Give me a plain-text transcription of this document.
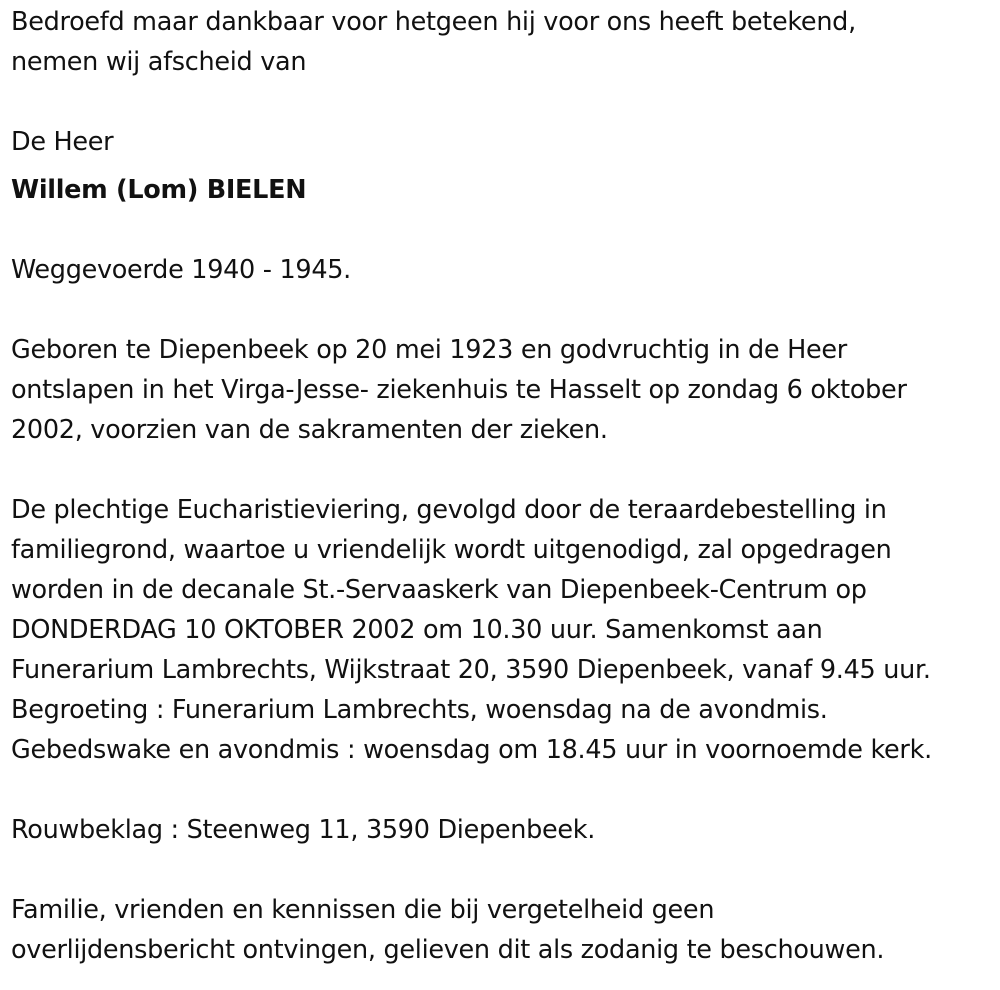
Bedroefd maar dankbaar voor hetgeen hij voor ons heeft betekend,

nemen wij afscheid van

De Heer

Willem (Lom) BIELEN

Weggevoerde 1940 - 1945.

Geboren te Diepenbeek op 20 mei 1923 en godvruchtig in de Heer

ontslapen in het Virga-Jesse- ziekenhuis te Hasselt op zondag 6 oktober

2002, voorzien van de sakramenten der zieken.

De plechtige Eucharistieviering, gevolgd door de teraardebestelling in

familiegrond, waartoe u vriendelijk wordt uitgenodigd, zal opgedragen

worden in de decanale St.-Servaaskerk van Diepenbeek-Centrum op

DONDERDAG 10 OKTOBER 2002 om 10.30 uur. Samenkomst aan

Funerarium Lambrechts, Wijkstraat 20, 3590 Diepenbeek, vanaf 9.45 uur.

Begroeting : Funerarium Lambrechts, woensdag na de avondmis.

Gebedswake en avondmis : woensdag om 18.45 uur in voornoemde kerk.

Rouwbeklag : Steenweg 11, 3590 Diepenbeek.

Familie, vrienden en kennissen die bij vergetelheid geen

overlijdensbericht ontvingen, gelieven dit als zodanig te beschouwen.
